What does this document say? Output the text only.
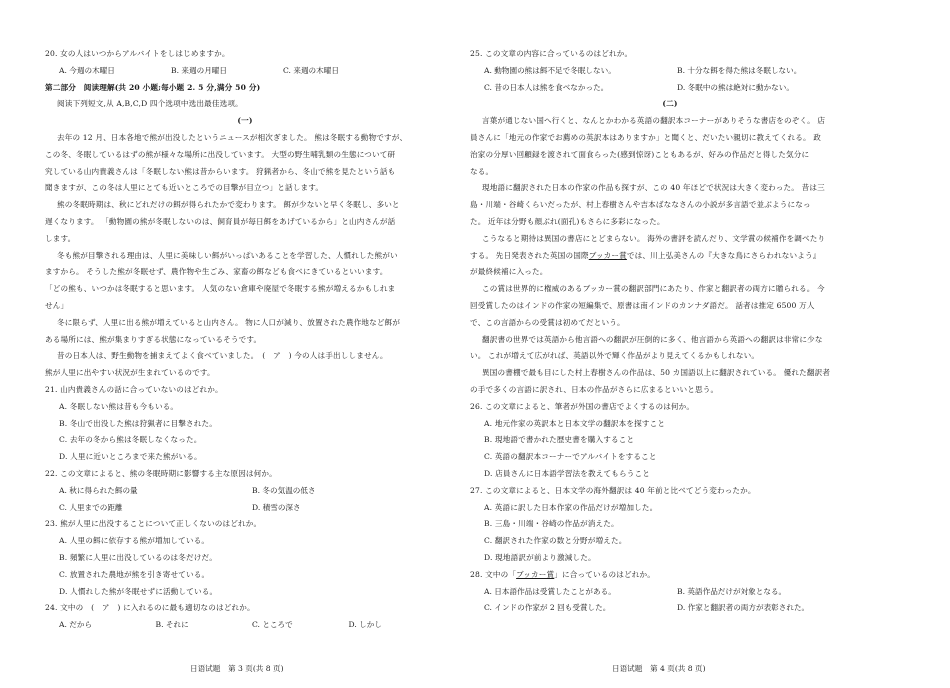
20. 女の人はいつからアルバイトをしはじめますか。
A. 今週の木曜日	B. 来週の月曜日	C. 来週の木曜日
第二部分　阅读理解(共 20 小题;每小题 2. 5 分,满分 50 分)
阅读下列短文,从 A,B,C,D 四个选项中选出最佳选项。
(一)
去年の 12 月、日本各地で熊が出没したというニュースが相次ぎました。 熊は冬眠する動物ですが、
この冬、冬眠しているはずの熊が様々な場所に出没しています。 大型の野生哺乳類の生態について研
究している山内貴義さんは「冬眠しない熊は昔からいます。 狩猟者から、冬山で熊を見たという話も
聞きますが、この冬は人里にとても近いところでの目撃が目立つ」と話します。
熊の冬眠時期は、秋にどれだけの餌が得られたかで変わります。 餌が少ないと早く冬眠し、多いと
遅くなります。 「動物園の熊が冬眠しないのは、飼育員が毎日餌をあげているから」と山内さんが話
します。
冬も熊が目撃される理由は、人里に美味しい餌がいっぱいあることを学習した、人慣れした熊がい
ますから。 そうした熊が冬眠せず、農作物や生ごみ、家畜の餌なども食べにきているといいます。
「どの熊も、いつかは冬眠すると思います。 人気のない倉庫や廃屋で冬眠する熊が増えるかもしれま
せん」
冬に限らず、人里に出る熊が増えていると山内さん。 物に人口が減り、放置された農作地など餌が
ある場所には、熊が集まりすぎる状態になっているそうです。
昔の日本人は、野生動物を捕まえてよく食べていました。　(　ア　) 今の人は手出ししません。
熊が人里に出やすい状況が生まれているのです。
21. 山内貴義さんの話に合っていないのはどれか。
A. 冬眠しない熊は昔も今もいる。
B. 冬山で出没した熊は狩猟者に目撃された。
C. 去年の冬から熊は冬眠しなくなった。
D. 人里に近いところまで来た熊がいる。
22. この文章によると、熊の冬眠時期に影響する主な原因は何か。
A. 秋に得られた餌の量	B. 冬の気温の低さ
C. 人里までの距離	D. 積雪の深さ
23. 熊が人里に出没することについて正しくないのはどれか。
A. 人里の餌に依存する熊が増加している。
B. 頻繁に人里に出没しているのは冬だけだ。
C. 放置された農地が熊を引き寄せている。
D. 人慣れした熊が冬眠せずに活動している。
24. 文中の　(　ア　) に入れるのに最も適切なのはどれか。
A. だから	B. それに	C. ところで	D. しかし
25. この文章の内容に合っているのはどれか。
A. 動物園の熊は餌不足で冬眠しない。	B. 十分な餌を得た熊は冬眠しない。
C. 昔の日本人は熊を食べなかった。	D. 冬眠中の熊は絶対に動かない。
(二)
言葉が通じない国へ行くと、なんとかわかる英語の翻訳本コーナーがありそうな書店をのぞく。 店
員さんに「地元の作家でお薦めの英訳本はありますか」と聞くと、だいたい親切に教えてくれる。 政
治家の分厚い回顧録を渡されて面食らった(感到惊讶)こともあるが、好みの作品だと得した気分に
なる。
現地語に翻訳された日本の作家の作品も探すが、この 40 年ほどで状況は大きく変わった。 昔は三
島・川端・谷崎くらいだったが、村上春樹さんや吉本ばななさんの小説が多言語で並ぶようになっ
た。 近年は分野も顔ぶれ(面孔)もさらに多彩になった。
こうなると期待は異国の書店にとどまらない。 海外の書評を読んだり、文学賞の候補作を調べたり
する。 先日発表された英国の国際ブッカー賞では、川上弘美さんの『大きな鳥にさらわれないよう』
が最終候補に入った。
この賞は世界的に権威のあるブッカー賞の翻訳部門にあたり、作家と翻訳者の両方に贈られる。 今
回受賞したのはインドの作家の短編集で、原書は南インドのカンナダ語だ。 話者は推定 6500 万人
で、この言語からの受賞は初めてだという。
翻訳書の世界では英語から他言語への翻訳が圧倒的に多く、他言語から英語への翻訳は非常に少な
い。 これが増えて広がれば、英語以外で輝く作品がより見えてくるかもしれない。
異国の書棚で最も目にした村上春樹さんの作品は、50 カ国語以上に翻訳されている。 優れた翻訳者
の手で多くの言語に訳され、日本の作品がさらに広まるといいと思う。
26. この文章によると、筆者が外国の書店でよくするのは何か。
A. 地元作家の英訳本と日本文学の翻訳本を探すこと
B. 現地語で書かれた歴史書を購入すること
C. 英語の翻訳本コーナーでアルバイトをすること
D. 店員さんに日本語学習法を教えてもらうこと
27. この文章によると、日本文学の海外翻訳は 40 年前と比べてどう変わったか。
A. 英語に訳した日本作家の作品だけが増加した。
B. 三島・川端・谷崎の作品が消えた。
C. 翻訳された作家の数と分野が増えた。
D. 現地語訳が前より激減した。
28. 文中の「ブッカー賞」に合っているのはどれか。
A. 日本語作品は受賞したことがある。	B. 英語作品だけが対象となる。
C. インドの作家が 2 回も受賞した。	D. 作家と翻訳者の両方が表彰された。
日语试题　第 3 页(共 8 页)	日语试题　第 4 页(共 8 页)
